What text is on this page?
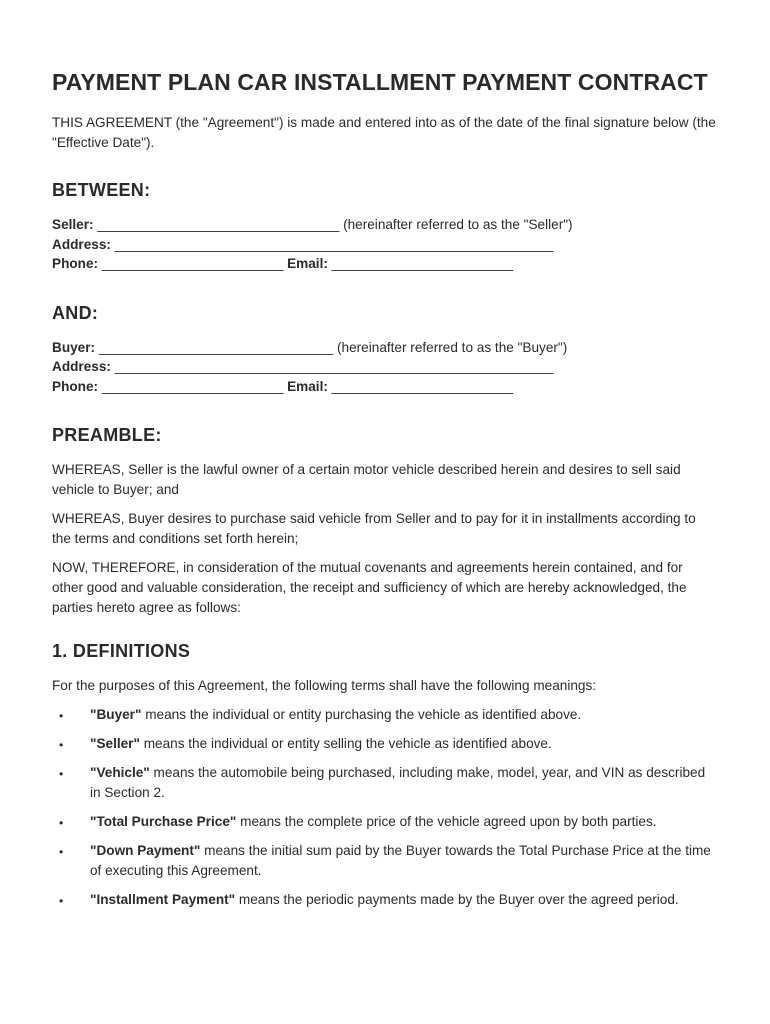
PAYMENT PLAN CAR INSTALLMENT PAYMENT CONTRACT

THIS AGREEMENT (the "Agreement") is made and entered into as of the date of the final signature below (the "Effective Date").

BETWEEN:
Seller: ________________________________ (hereinafter referred to as the "Seller")
Address: __________________________________________________________
Phone: ________________________ Email: ________________________
AND:
Buyer: _______________________________ (hereinafter referred to as the "Buyer")
Address: __________________________________________________________
Phone: ________________________ Email: ________________________
PREAMBLE:

WHEREAS, Seller is the lawful owner of a certain motor vehicle described herein and desires to sell said vehicle to Buyer; and

WHEREAS, Buyer desires to purchase said vehicle from Seller and to pay for it in installments according to the terms and conditions set forth herein;

NOW, THEREFORE, in consideration of the mutual covenants and agreements herein contained, and for other good and valuable consideration, the receipt and sufficiency of which are hereby acknowledged, the parties hereto agree as follows:

1. DEFINITIONS

For the purposes of this Agreement, the following terms shall have the following meanings:

• "Buyer" means the individual or entity purchasing the vehicle as identified above.
• "Seller" means the individual or entity selling the vehicle as identified above.
• "Vehicle" means the automobile being purchased, including make, model, year, and VIN as described in Section 2.
• "Total Purchase Price" means the complete price of the vehicle agreed upon by both parties.
• "Down Payment" means the initial sum paid by the Buyer towards the Total Purchase Price at the time of executing this Agreement.
• "Installment Payment" means the periodic payments made by the Buyer over the agreed period.
